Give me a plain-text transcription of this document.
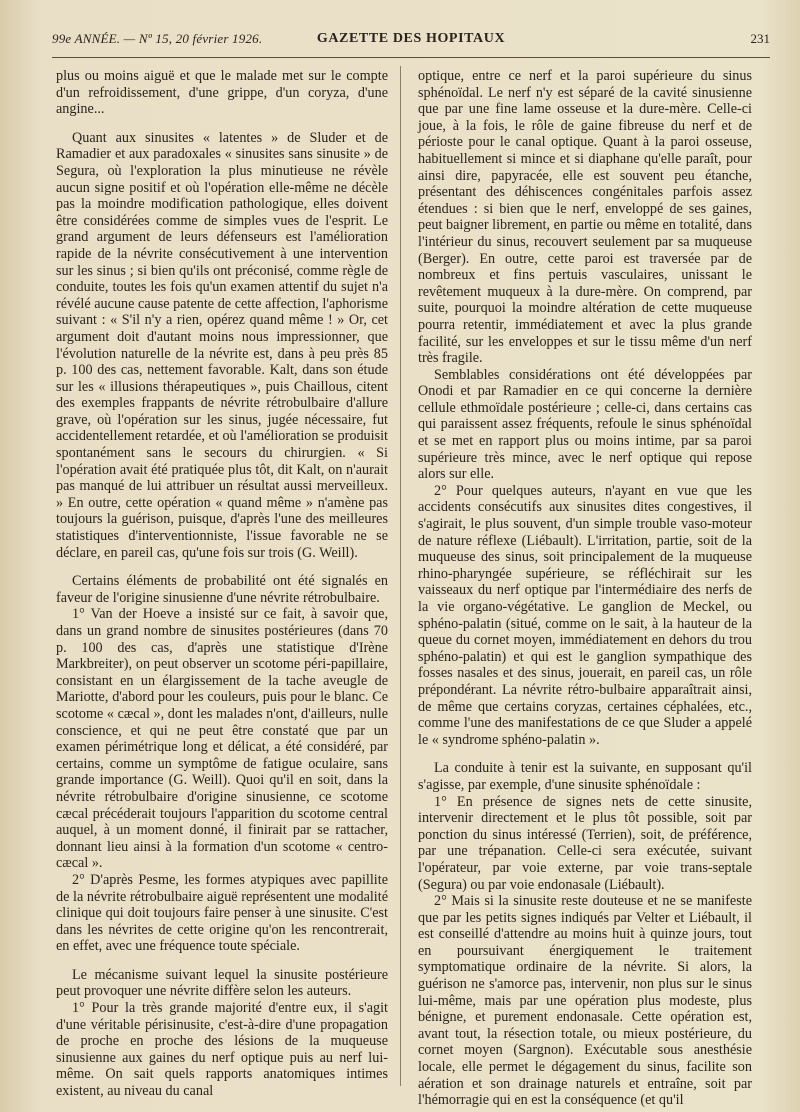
99e ANNÉE. — Nº 15, 20 février 1926.	GAZETTE DES HOPITAUX	231

plus ou moins aiguë et que le malade met sur le compte d'un refroidissement, d'une grippe, d'un coryza, d'une angine...

Quant aux sinusites « latentes » de Sluder et de Ramadier et aux paradoxales « sinusites sans sinusite » de Segura, où l'exploration la plus minutieuse ne révèle aucun signe positif et où l'opération elle-même ne décèle pas la moindre modification pathologique, elles doivent être considérées comme de simples vues de l'esprit. Le grand argument de leurs défenseurs est l'amélioration rapide de la névrite consécutivement à une intervention sur les sinus ; si bien qu'ils ont préconisé, comme règle de conduite, toutes les fois qu'un examen attentif du sujet n'a révélé aucune cause patente de cette affection, l'aphorisme suivant : « S'il n'y a rien, opérez quand même ! » Or, cet argument doit d'autant moins nous impressionner, que l'évolution naturelle de la névrite est, dans à peu près 85 p. 100 des cas, nettement favorable. Kalt, dans son étude sur les « illusions thérapeutiques », puis Chaillous, citent des exemples frappants de névrite rétrobulbaire d'allure grave, où l'opération sur les sinus, jugée nécessaire, fut accidentellement retardée, et où l'amélioration se produisit spontanément sans le secours du chirurgien. « Si l'opération avait été pratiquée plus tôt, dit Kalt, on n'aurait pas manqué de lui attribuer un résultat aussi merveilleux. » En outre, cette opération « quand même » n'amène pas toujours la guérison, puisque, d'après l'une des meilleures statistiques d'interventionniste, l'issue favorable ne se déclare, en pareil cas, qu'une fois sur trois (G. Weill).

Certains éléments de probabilité ont été signalés en faveur de l'origine sinusienne d'une névrite rétrobulbaire.

1° Van der Hoeve a insisté sur ce fait, à savoir que, dans un grand nombre de sinusites postérieures (dans 70 p. 100 des cas, d'après une statistique d'Irène Markbreiter), on peut observer un scotome péri-papillaire, consistant en un élargissement de la tache aveugle de Mariotte, d'abord pour les couleurs, puis pour le blanc. Ce scotome « cæcal », dont les malades n'ont, d'ailleurs, nulle conscience, et qui ne peut être constaté que par un examen périmétrique long et délicat, a été considéré, par certains, comme un symptôme de fatigue oculaire, sans grande importance (G. Weill). Quoi qu'il en soit, dans la névrite rétrobulbaire d'origine sinusienne, ce scotome cæcal précéderait toujours l'apparition du scotome central auquel, à un moment donné, il finirait par se rattacher, donnant lieu ainsi à la formation d'un scotome « centro-cæcal ».

2° D'après Pesme, les formes atypiques avec papillite de la névrite rétrobulbaire aiguë représentent une modalité clinique qui doit toujours faire penser à une sinusite. C'est dans les névrites de cette origine qu'on les rencontrerait, en effet, avec une fréquence toute spéciale.

Le mécanisme suivant lequel la sinusite postérieure peut provoquer une névrite diffère selon les auteurs.

1° Pour la très grande majorité d'entre eux, il s'agit d'une véritable périsinusite, c'est-à-dire d'une propagation de proche en proche des lésions de la muqueuse sinusienne aux gaines du nerf optique puis au nerf lui-même. On sait quels rapports anatomiques intimes existent, au niveau du canal

optique, entre ce nerf et la paroi supérieure du sinus sphénoïdal. Le nerf n'y est séparé de la cavité sinusienne que par une fine lame osseuse et la dure-mère. Celle-ci joue, à la fois, le rôle de gaine fibreuse du nerf et de périoste pour le canal optique. Quant à la paroi osseuse, habituellement si mince et si diaphane qu'elle paraît, pour ainsi dire, papyracée, elle est souvent peu étanche, présentant des déhiscences congénitales parfois assez étendues : si bien que le nerf, enveloppé de ses gaines, peut baigner librement, en partie ou même en totalité, dans l'intérieur du sinus, recouvert seulement par sa muqueuse (Berger). En outre, cette paroi est traversée par de nombreux et fins pertuis vasculaires, unissant le revêtement muqueux à la dure-mère. On comprend, par suite, pourquoi la moindre altération de cette muqueuse pourra retentir, immédiatement et avec la plus grande facilité, sur les enveloppes et sur le tissu même d'un nerf très fragile.

Semblables considérations ont été développées par Onodi et par Ramadier en ce qui concerne la dernière cellule ethmoïdale postérieure ; celle-ci, dans certains cas qui paraissent assez fréquents, refoule le sinus sphénoïdal et se met en rapport plus ou moins intime, par sa paroi supérieure très mince, avec le nerf optique qui repose alors sur elle.

2° Pour quelques auteurs, n'ayant en vue que les accidents consécutifs aux sinusites dites congestives, il s'agirait, le plus souvent, d'un simple trouble vaso-moteur de nature réflexe (Liébault). L'irritation, partie, soit de la muqueuse des sinus, soit principalement de la muqueuse rhino-pharyngée supérieure, se réfléchirait sur les vaisseaux du nerf optique par l'intermédiaire des nerfs de la vie organo-végétative. Le ganglion de Meckel, ou sphéno-palatin (situé, comme on le sait, à la hauteur de la queue du cornet moyen, immédiatement en dehors du trou sphéno-palatin) et qui est le ganglion sympathique des fosses nasales et des sinus, jouerait, en pareil cas, un rôle prépondérant. La névrite rétro-bulbaire apparaîtrait ainsi, de même que certains coryzas, certaines céphalées, etc., comme l'une des manifestations de ce que Sluder a appelé le « syndrome sphéno-palatin ».

La conduite à tenir est la suivante, en supposant qu'il s'agisse, par exemple, d'une sinusite sphénoïdale :

1° En présence de signes nets de cette sinusite, intervenir directement et le plus tôt possible, soit par ponction du sinus intéressé (Terrien), soit, de préférence, par une trépanation. Celle-ci sera exécutée, suivant l'opérateur, par voie externe, par voie trans-septale (Segura) ou par voie endonasale (Liébault).

2° Mais si la sinusite reste douteuse et ne se manifeste que par les petits signes indiqués par Velter et Liébault, il est conseillé d'attendre au moins huit à quinze jours, tout en poursuivant énergiquement le traitement symptomatique ordinaire de la névrite. Si alors, la guérison ne s'amorce pas, intervenir, non plus sur le sinus lui-même, mais par une opération plus modeste, plus bénigne, et purement endonasale. Cette opération est, avant tout, la résection totale, ou mieux postérieure, du cornet moyen (Sargnon). Exécutable sous anesthésie locale, elle permet le dégagement du sinus, facilite son aération et son drainage naturels et entraîne, soit par l'hémorragie qui en est la conséquence (et qu'il
